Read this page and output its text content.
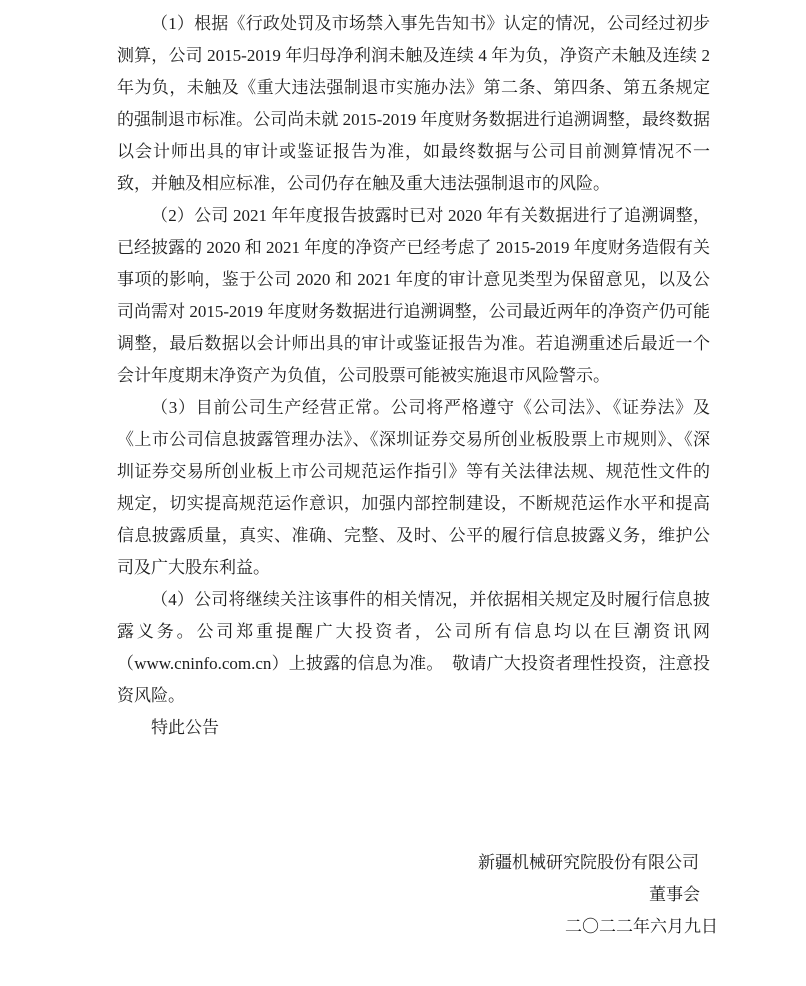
（1）根据《行政处罚及市场禁入事先告知书》认定的情况，公司经过初步测算，公司 2015-2019 年归母净利润未触及连续 4 年为负，净资产未触及连续 2 年为负，未触及《重大违法强制退市实施办法》第二条、第四条、第五条规定的强制退市标准。公司尚未就 2015-2019 年度财务数据进行追溯调整，最终数据以会计师出具的审计或鉴证报告为准，如最终数据与公司目前测算情况不一致，并触及相应标准，公司仍存在触及重大违法强制退市的风险。

（2）公司 2021 年年度报告披露时已对 2020 年有关数据进行了追溯调整，已经披露的 2020 和 2021 年度的净资产已经考虑了 2015-2019 年度财务造假有关事项的影响，鉴于公司 2020 和 2021 年度的审计意见类型为保留意见，以及公司尚需对 2015-2019 年度财务数据进行追溯调整，公司最近两年的净资产仍可能调整，最后数据以会计师出具的审计或鉴证报告为准。若追溯重述后最近一个会计年度期末净资产为负值，公司股票可能被实施退市风险警示。

（3）目前公司生产经营正常。公司将严格遵守《公司法》、《证券法》及《上市公司信息披露管理办法》、《深圳证券交易所创业板股票上市规则》、《深圳证券交易所创业板上市公司规范运作指引》等有关法律法规、规范性文件的规定，切实提高规范运作意识，加强内部控制建设，不断规范运作水平和提高信息披露质量，真实、准确、完整、及时、公平的履行信息披露义务，维护公司及广大股东利益。

（4）公司将继续关注该事件的相关情况，并依据相关规定及时履行信息披露义务。公司郑重提醒广大投资者，公司所有信息均以在巨潮资讯网（www.cninfo.com.cn）上披露的信息为准。　敬请广大投资者理性投资，注意投资风险。

特此公告

新疆机械研究院股份有限公司
董事会
二〇二二年六月九日
